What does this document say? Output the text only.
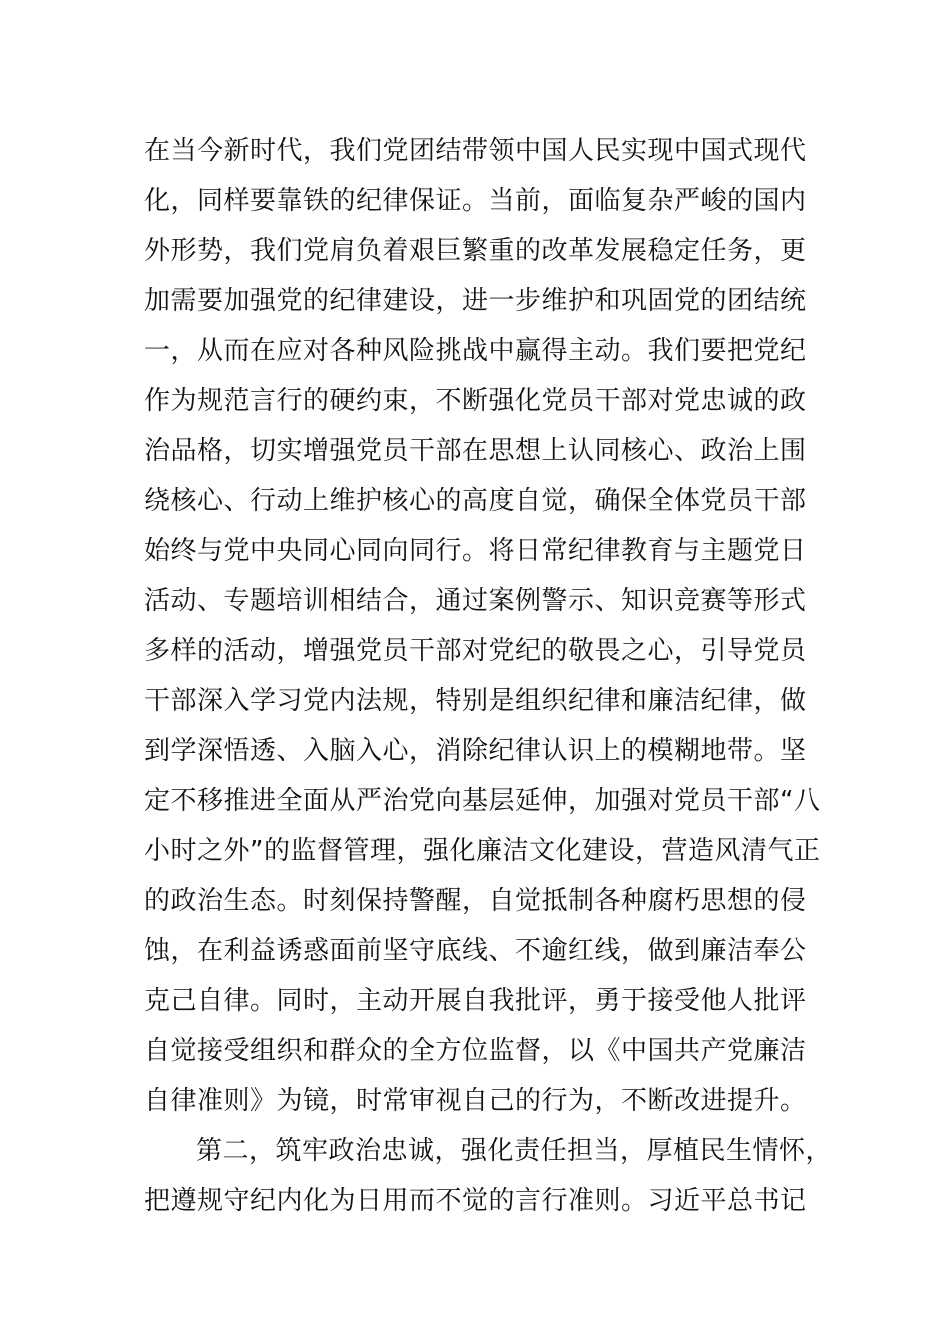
在当今新时代，我们党团结带领中国人民实现中国式现代
化，同样要靠铁的纪律保证。当前，面临复杂严峻的国内
外形势，我们党肩负着艰巨繁重的改革发展稳定任务，更
加需要加强党的纪律建设，进一步维护和巩固党的团结统
一，从而在应对各种风险挑战中赢得主动。我们要把党纪
作为规范言行的硬约束，不断强化党员干部对党忠诚的政
治品格，切实增强党员干部在思想上认同核心、政治上围
绕核心、行动上维护核心的高度自觉，确保全体党员干部
始终与党中央同心同向同行。将日常纪律教育与主题党日
活动、专题培训相结合，通过案例警示、知识竞赛等形式
多样的活动，增强党员干部对党纪的敬畏之心，引导党员
干部深入学习党内法规，特别是组织纪律和廉洁纪律，做
到学深悟透、入脑入心，消除纪律认识上的模糊地带。坚
定不移推进全面从严治党向基层延伸，加强对党员干部“八
小时之外”的监督管理，强化廉洁文化建设，营造风清气正
的政治生态。时刻保持警醒，自觉抵制各种腐朽思想的侵
蚀，在利益诱惑面前坚守底线、不逾红线，做到廉洁奉公
克己自律。同时，主动开展自我批评，勇于接受他人批评
自觉接受组织和群众的全方位监督，以《中国共产党廉洁
自律准则》为镜，时常审视自己的行为，不断改进提升。
第二，筑牢政治忠诚，强化责任担当，厚植民生情怀，
把遵规守纪内化为日用而不觉的言行准则。习近平总书记
